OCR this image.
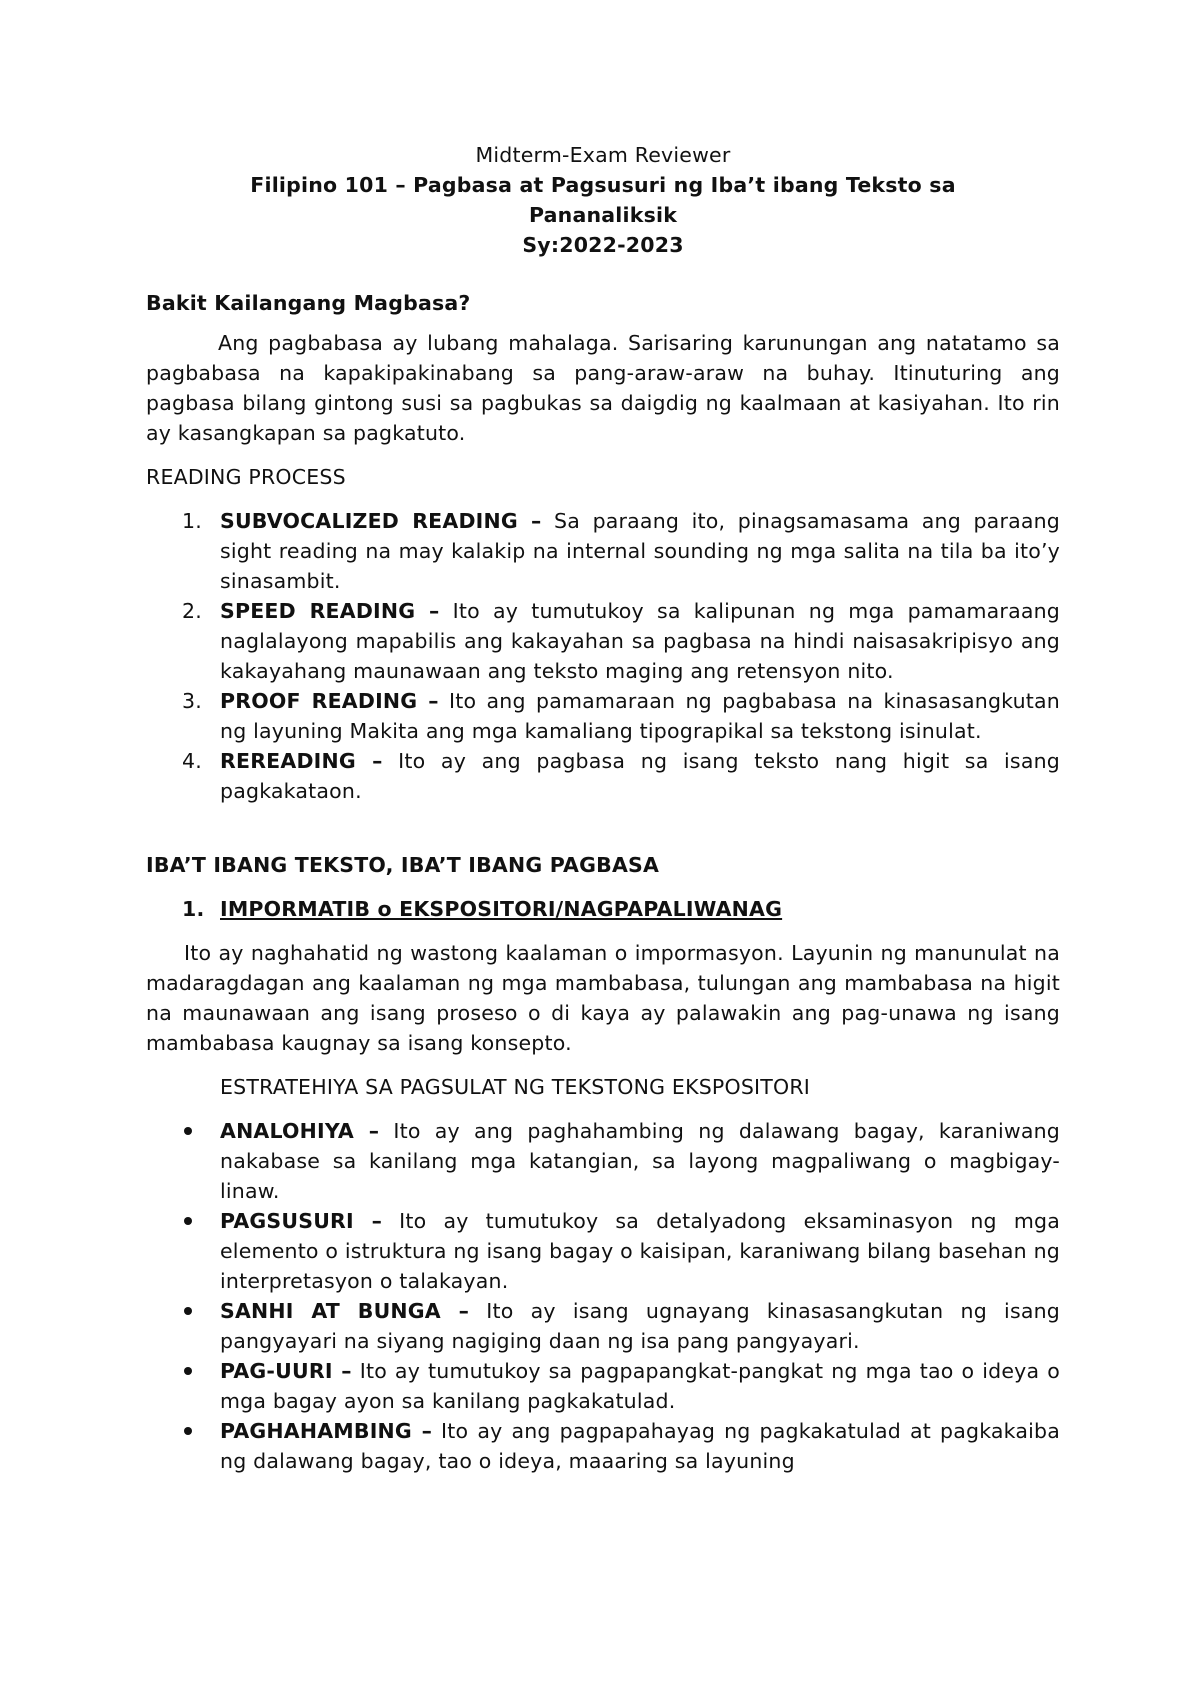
Midterm-Exam Reviewer
Filipino 101 – Pagbasa at Pagsusuri ng Iba’t ibang Teksto sa
Pananaliksik
Sy:2022-2023

Bakit Kailangang Magbasa?

Ang pagbabasa ay lubang mahalaga. Sarisaring karunungan ang natatamo sa pagbabasa na kapakipakinabang sa pang-araw-araw na buhay. Itinuturing ang pagbasa bilang gintong susi sa pagbukas sa daigdig ng kaalmaan at kasiyahan. Ito rin ay kasangkapan sa pagkatuto.

READING PROCESS

1. SUBVOCALIZED READING – Sa paraang ito, pinagsamasama ang paraang sight reading na may kalakip na internal sounding ng mga salita na tila ba ito’y sinasambit.
2. SPEED READING – Ito ay tumutukoy sa kalipunan ng mga pamamaraang naglalayong mapabilis ang kakayahan sa pagbasa na hindi naisasakripisyo ang kakayahang maunawaan ang teksto maging ang retensyon nito.
3. PROOF READING – Ito ang pamamaraan ng pagbabasa na kinasasangkutan ng layuning Makita ang mga kamaliang tipograpikal sa tekstong isinulat.
4. REREADING – Ito ay ang pagbasa ng isang teksto nang higit sa isang pagkakataon.

IBA’T IBANG TEKSTO, IBA’T IBANG PAGBASA

1. IMPORMATIB o EKSPOSITORI/NAGPAPALIWANAG

Ito ay naghahatid ng wastong kaalaman o impormasyon. Layunin ng manunulat na madaragdagan ang kaalaman ng mga mambabasa, tulungan ang mambabasa na higit na maunawaan ang isang proseso o di kaya ay palawakin ang pag-unawa ng isang mambabasa kaugnay sa isang konsepto.

ESTRATEHIYA SA PAGSULAT NG TEKSTONG EKSPOSITORI

ANALOHIYA – Ito ay ang paghahambing ng dalawang bagay, karaniwang nakabase sa kanilang mga katangian, sa layong magpaliwang o magbigay-linaw.
PAGSUSURI – Ito ay tumutukoy sa detalyadong eksaminasyon ng mga elemento o istruktura ng isang bagay o kaisipan, karaniwang bilang basehan ng interpretasyon o talakayan.
SANHI AT BUNGA – Ito ay isang ugnayang kinasasangkutan ng isang pangyayari na siyang nagiging daan ng isa pang pangyayari.
PAG-UURI – Ito ay tumutukoy sa pagpapangkat-pangkat ng mga tao o ideya o mga bagay ayon sa kanilang pagkakatulad.
PAGHAHAMBING – Ito ay ang pagpapahayag ng pagkakatulad at pagkakaiba ng dalawang bagay, tao o ideya, maaaring sa layuning
